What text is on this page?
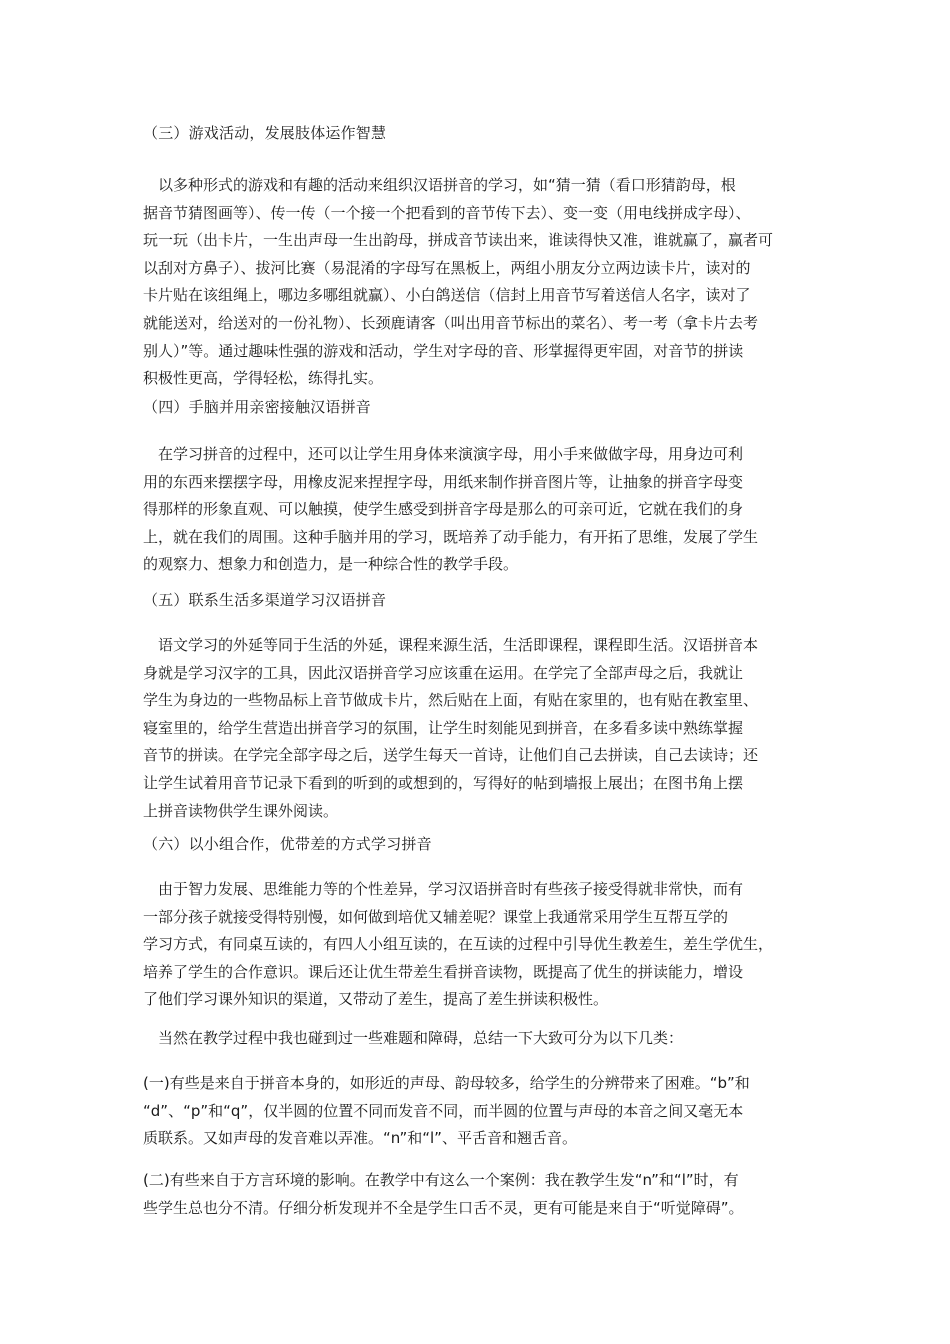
（三）游戏活动，发展肢体运作智慧
　以多种形式的游戏和有趣的活动来组织汉语拼音的学习，如“猜一猜（看口形猜韵母，根
据音节猜图画等）、传一传（一个接一个把看到的音节传下去）、变一变（用电线拼成字母）、
玩一玩（出卡片，一生出声母一生出韵母，拼成音节读出来，谁读得快又准，谁就赢了，赢者可
以刮对方鼻子）、拔河比赛（易混淆的字母写在黑板上，两组小朋友分立两边读卡片，读对的
卡片贴在该组绳上，哪边多哪组就赢）、小白鸽送信（信封上用音节写着送信人名字，读对了
就能送对，给送对的一份礼物）、长颈鹿请客（叫出用音节标出的菜名）、考一考（拿卡片去考
别人）”等。通过趣味性强的游戏和活动，学生对字母的音、形掌握得更牢固，对音节的拼读
积极性更高，学得轻松，练得扎实。
（四）手脑并用亲密接触汉语拼音
　在学习拼音的过程中，还可以让学生用身体来演演字母，用小手来做做字母，用身边可利
用的东西来摆摆字母，用橡皮泥来捏捏字母，用纸来制作拼音图片等，让抽象的拼音字母变
得那样的形象直观、可以触摸，使学生感受到拼音字母是那么的可亲可近，它就在我们的身
上，就在我们的周围。这种手脑并用的学习，既培养了动手能力，有开拓了思维，发展了学生
的观察力、想象力和创造力，是一种综合性的教学手段。
（五）联系生活多渠道学习汉语拼音
　语文学习的外延等同于生活的外延，课程来源生活，生活即课程，课程即生活。汉语拼音本
身就是学习汉字的工具，因此汉语拼音学习应该重在运用。在学完了全部声母之后，我就让
学生为身边的一些物品标上音节做成卡片，然后贴在上面，有贴在家里的，也有贴在教室里、
寝室里的，给学生营造出拼音学习的氛围，让学生时刻能见到拼音，在多看多读中熟练掌握
音节的拼读。在学完全部字母之后，送学生每天一首诗，让他们自己去拼读，自己去读诗；还
让学生试着用音节记录下看到的听到的或想到的，写得好的帖到墙报上展出；在图书角上摆
上拼音读物供学生课外阅读。
（六）以小组合作，优带差的方式学习拼音
　由于智力发展、思维能力等的个性差异，学习汉语拼音时有些孩子接受得就非常快，而有
一部分孩子就接受得特别慢，如何做到培优又辅差呢？课堂上我通常采用学生互帮互学的
学习方式，有同桌互读的，有四人小组互读的，在互读的过程中引导优生教差生，差生学优生，
培养了学生的合作意识。课后还让优生带差生看拼音读物，既提高了优生的拼读能力，增设
了他们学习课外知识的渠道，又带动了差生，提高了差生拼读积极性。
　当然在教学过程中我也碰到过一些难题和障碍，总结一下大致可分为以下几类：
(一)有些是来自于拼音本身的，如形近的声母、韵母较多，给学生的分辨带来了困难。“b”和
“d”、“p”和“q”，仅半圆的位置不同而发音不同，而半圆的位置与声母的本音之间又毫无本
质联系。又如声母的发音难以弄准。“n”和“l”、平舌音和翘舌音。
(二)有些来自于方言环境的影响。在教学中有这么一个案例：我在教学生发“n”和“l”时，有
些学生总也分不清。仔细分析发现并不全是学生口舌不灵，更有可能是来自于“听觉障碍”。
